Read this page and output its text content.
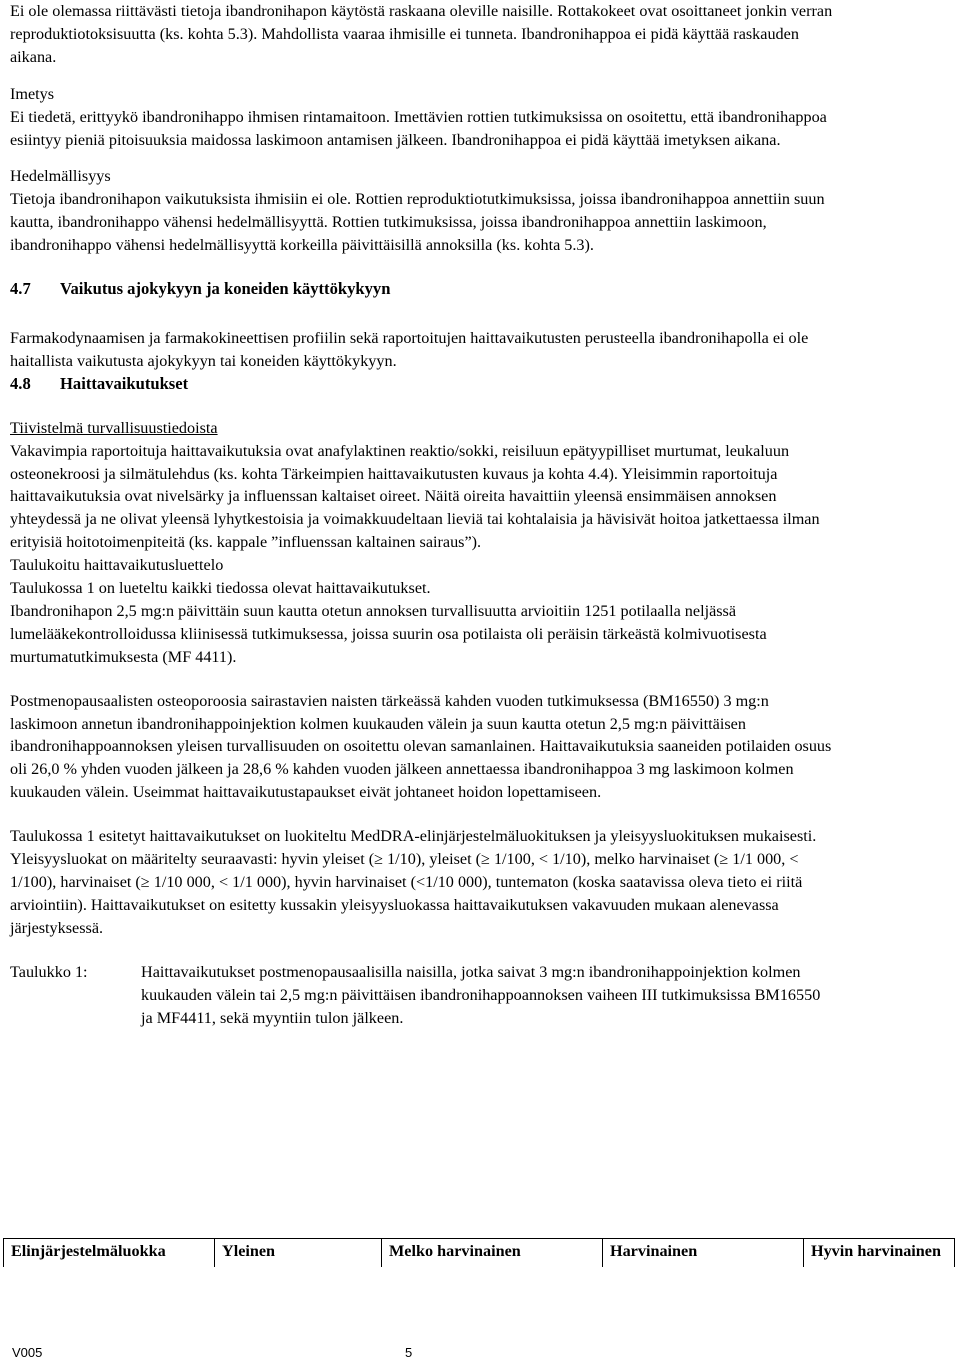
Ei ole olemassa riittävästi tietoja ibandronihapon käytöstä raskaana oleville naisille. Rottakokeet ovat osoittaneet jonkin verran reproduktiotoksisuutta (ks. kohta 5.3). Mahdollista vaaraa ihmisille ei tunneta. Ibandronihappoa ei pidä käyttää raskauden aikana.

Imetys

Ei tiedetä, erittyykö ibandronihappo ihmisen rintamaitoon. Imettävien rottien tutkimuksissa on osoitettu, että ibandronihappoa esiintyy pieniä pitoisuuksia maidossa laskimoon antamisen jälkeen. Ibandronihappoa ei pidä käyttää imetyksen aikana.

Hedelmällisyys

Tietoja ibandronihapon vaikutuksista ihmisiin ei ole. Rottien reproduktiotutkimuksissa, joissa ibandronihappoa annettiin suun kautta, ibandronihappo vähensi hedelmällisyyttä. Rottien tutkimuksissa, joissa ibandronihappoa annettiin laskimoon, ibandronihappo vähensi hedelmällisyyttä korkeilla päivittäisillä annoksilla (ks. kohta 5.3).

4.7 Vaikutus ajokykyyn ja koneiden käyttökykyyn

Farmakodynaamisen ja farmakokineettisen profiilin sekä raportoitujen haittavaikutusten perusteella ibandronihapolla ei ole haitallista vaikutusta ajokykyyn tai koneiden käyttökykyyn.

4.8 Haittavaikutukset

Tiivistelmä turvallisuustiedoista

Vakavimpia raportoituja haittavaikutuksia ovat anafylaktinen reaktio/sokki, reisiluun epätyypilliset murtumat, leukaluun osteonekroosi ja silmätulehdus (ks. kohta Tärkeimpien haittavaikutusten kuvaus ja kohta 4.4). Yleisimmin raportoituja haittavaikutuksia ovat nivelsärky ja influenssan kaltaiset oireet. Näitä oireita havaittiin yleensä ensimmäisen annoksen yhteydessä ja ne olivat yleensä lyhytkestoisia ja voimakkuudeltaan lieviä tai kohtalaisia ja hävisivät hoitoa jatkettaessa ilman erityisiä hoitotoimenpiteitä (ks. kappale ”influenssan kaltainen sairaus”).

Taulukoitu haittavaikutusluettelo

Taulukossa 1 on lueteltu kaikki tiedossa olevat haittavaikutukset.

Ibandronihapon 2,5 mg:n päivittäin suun kautta otetun annoksen turvallisuutta arvioitiin 1251 potilaalla neljässä lumelääkekontrolloidussa kliinisessä tutkimuksessa, joissa suurin osa potilaista oli peräisin tärkeästä kolmivuotisesta murtumatutkimuksesta (MF 4411).

Postmenopausaalisten osteoporoosia sairastavien naisten tärkeässä kahden vuoden tutkimuksessa (BM16550) 3 mg:n laskimoon annetun ibandronihappoinjektion kolmen kuukauden välein ja suun kautta otetun 2,5 mg:n päivittäisen ibandronihappoannoksen yleisen turvallisuuden on osoitettu olevan samanlainen. Haittavaikutuksia saaneiden potilaiden osuus oli 26,0 % yhden vuoden jälkeen ja 28,6 % kahden vuoden jälkeen annettaessa ibandronihappoa 3 mg laskimoon kolmen kuukauden välein. Useimmat haittavaikutustapaukset eivät johtaneet hoidon lopettamiseen.

Taulukossa 1 esitetyt haittavaikutukset on luokiteltu MedDRA-elinjärjestelmäluokituksen ja yleisyysluokituksen mukaisesti. Yleisyysluokat on määritelty seuraavasti: hyvin yleiset (≥ 1/10), yleiset (≥ 1/100, < 1/10), melko harvinaiset (≥ 1/1 000, < 1/100), harvinaiset (≥ 1/10 000, < 1/1 000), hyvin harvinaiset (<1/10 000), tuntematon (koska saatavissa oleva tieto ei riitä arviointiin). Haittavaikutukset on esitetty kussakin yleisyysluokassa haittavaikutuksen vakavuuden mukaan alenevassa järjestyksessä.

Taulukko 1:	Haittavaikutukset postmenopausaalisilla naisilla, jotka saivat 3 mg:n ibandronihappoinjektion kolmen kuukauden välein tai 2,5 mg:n päivittäisen ibandronihappoannoksen vaiheen III tutkimuksissa BM16550 ja MF4411, sekä myyntiin tulon jälkeen.
Elinjärjestelmäluokka	Yleinen	Melko harvinainen	Harvinainen	Hyvin harvinainen
V005	5
